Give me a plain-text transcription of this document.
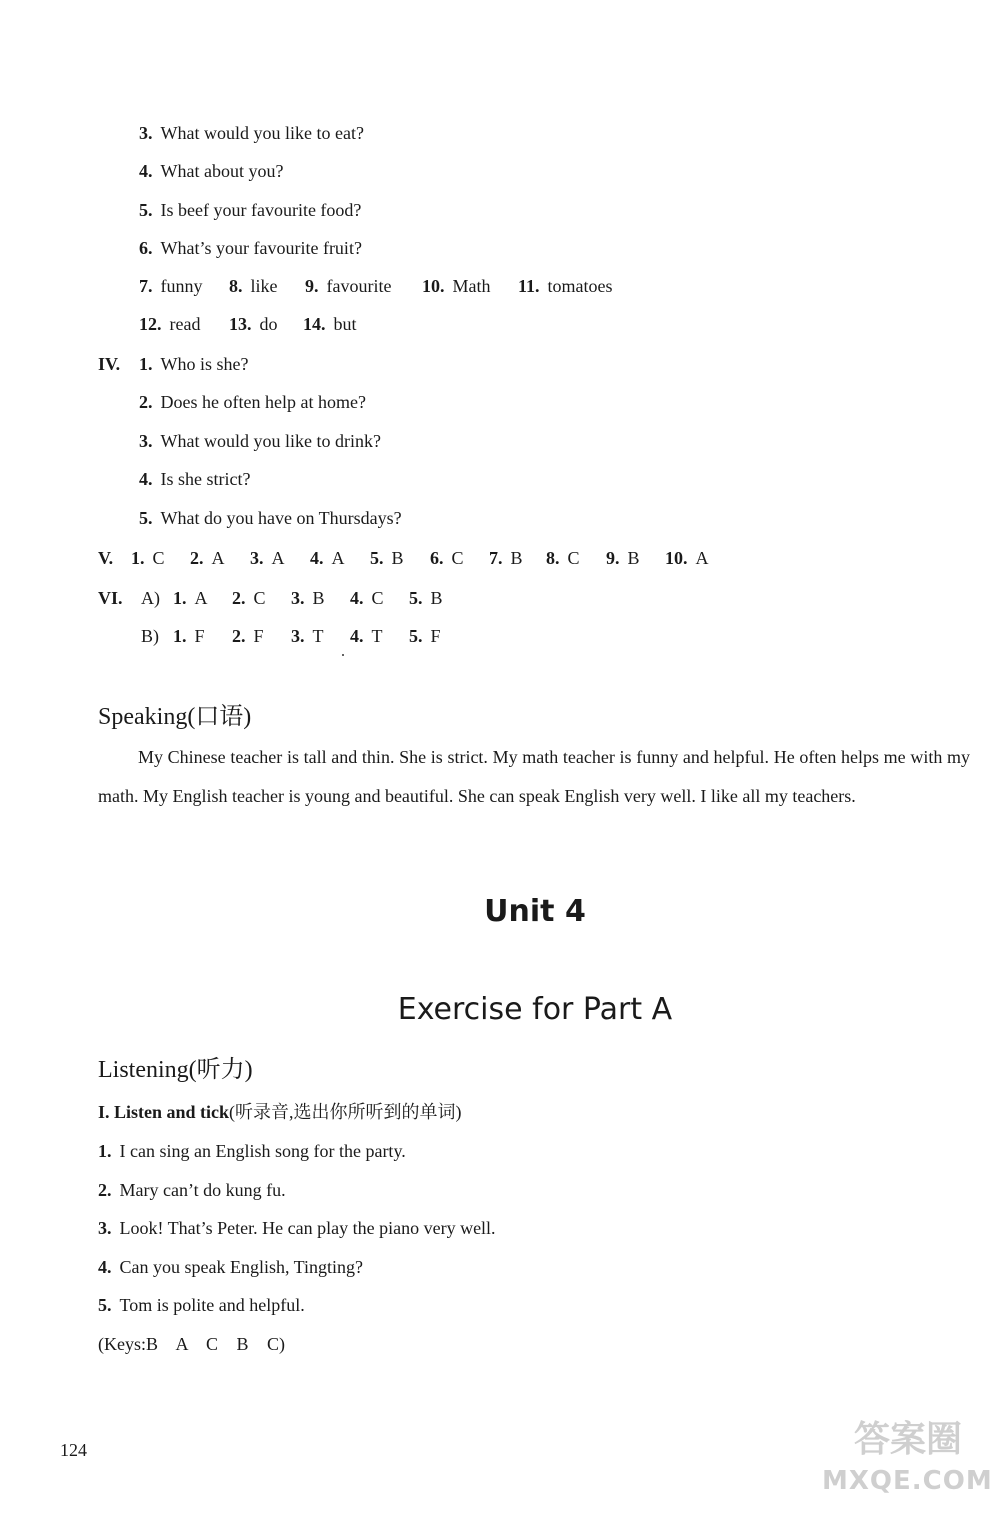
3. What would you like to eat?
4. What about you?
5. Is beef your favourite food?
6. What’s your favourite fruit?
7. funny 8. like 9. favourite 10. Math 11. tomatoes
12. read 13. do 14. but
IV. 1. Who is she?
2. Does he often help at home?
3. What would you like to drink?
4. Is she strict?
5. What do you have on Thursdays?
V. 1. C 2. A 3. A 4. A 5. B 6. C 7. B 8. C 9. B 10. A
VI. A) 1. A 2. C 3. B 4. C 5. B
B) 1. F 2. F 3. T 4. T 5. F
Speaking(口语)
My Chinese teacher is tall and thin. She is strict. My math teacher is funny and helpful. He often helps me with my math. My English teacher is young and beautiful. She can speak English very well. I like all my teachers.
Unit 4
Exercise for Part A
Listening(听力)
I. Listen and tick(听录音,选出你所听到的单词)
1. I can sing an English song for the party.
2. Mary can’t do kung fu.
3. Look! That’s Peter. He can play the piano very well.
4. Can you speak English, Tingting?
5. Tom is polite and helpful.
(Keys:B A C B C)
124	答案圈
MXQE.COM
